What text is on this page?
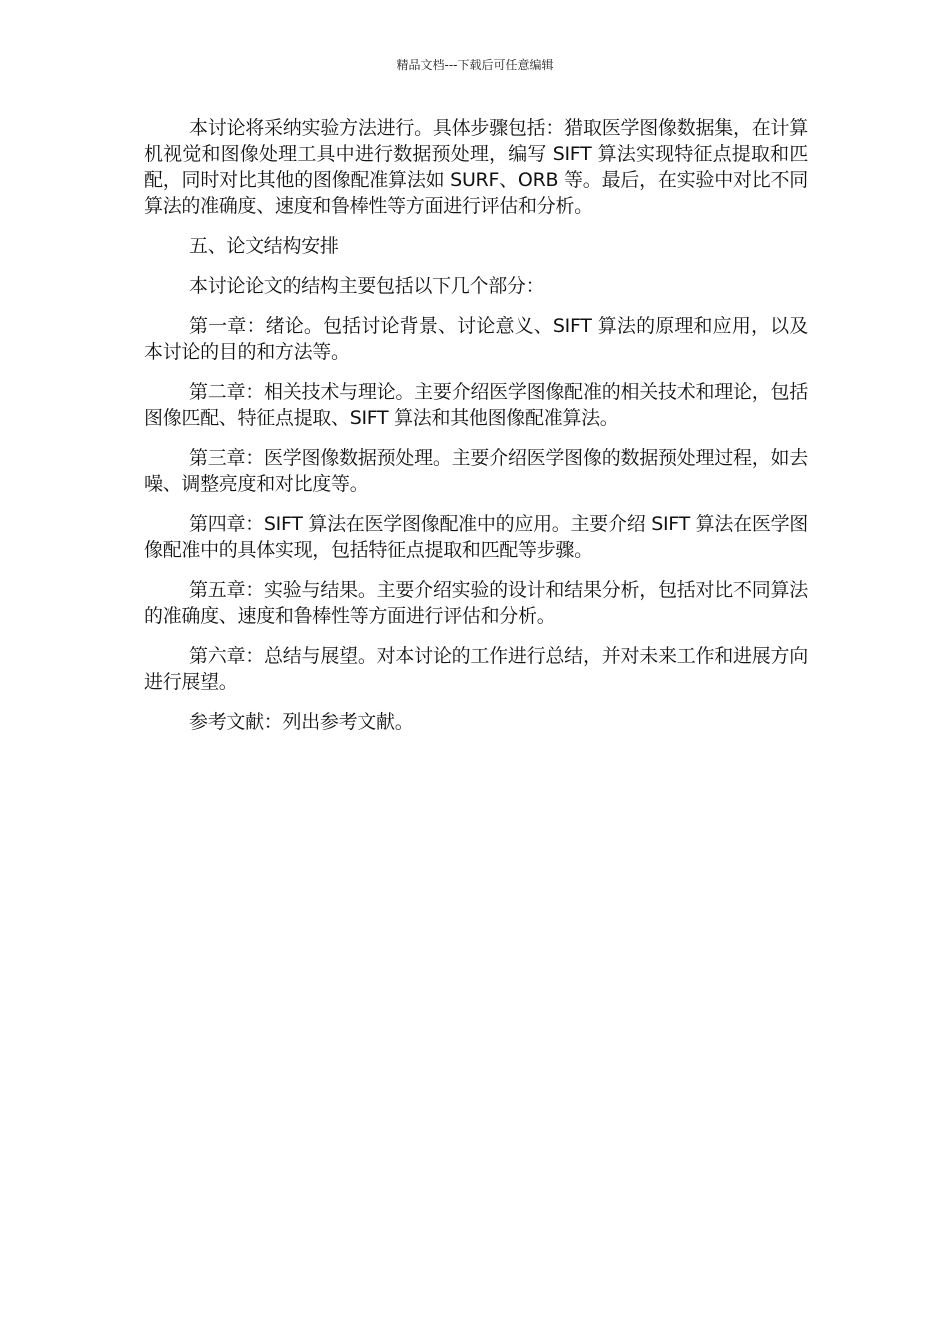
精品文档---下载后可任意编辑

本讨论将采纳实验方法进行。具体步骤包括：猎取医学图像数据集，在计算机视觉和图像处理工具中进行数据预处理，编写 SIFT 算法实现特征点提取和匹配，同时对比其他的图像配准算法如 SURF、ORB 等。最后，在实验中对比不同算法的准确度、速度和鲁棒性等方面进行评估和分析。

五、论文结构安排

本讨论论文的结构主要包括以下几个部分：

第一章：绪论。包括讨论背景、讨论意义、SIFT 算法的原理和应用，以及本讨论的目的和方法等。

第二章：相关技术与理论。主要介绍医学图像配准的相关技术和理论，包括图像匹配、特征点提取、SIFT 算法和其他图像配准算法。

第三章：医学图像数据预处理。主要介绍医学图像的数据预处理过程，如去噪、调整亮度和对比度等。

第四章：SIFT 算法在医学图像配准中的应用。主要介绍 SIFT 算法在医学图像配准中的具体实现，包括特征点提取和匹配等步骤。

第五章：实验与结果。主要介绍实验的设计和结果分析，包括对比不同算法的准确度、速度和鲁棒性等方面进行评估和分析。

第六章：总结与展望。对本讨论的工作进行总结，并对未来工作和进展方向进行展望。

参考文献：列出参考文献。
